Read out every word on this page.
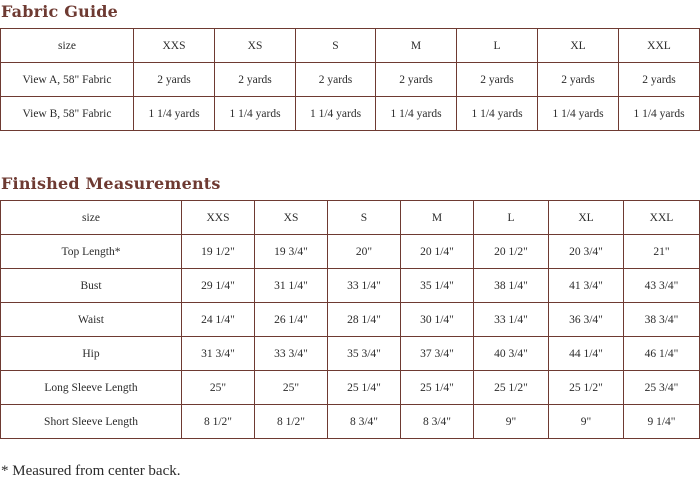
Fabric Guide
size	XXS	XS	S	M	L	XL	XXL
View A, 58" Fabric	2 yards	2 yards	2 yards	2 yards	2 yards	2 yards	2 yards
View B, 58" Fabric	1 1/4 yards	1 1/4 yards	1 1/4 yards	1 1/4 yards	1 1/4 yards	1 1/4 yards	1 1/4 yards
Finished Measurements
size	XXS	XS	S	M	L	XL	XXL
Top Length*	19 1/2"	19 3/4"	20"	20 1/4"	20 1/2"	20 3/4"	21"
Bust	29 1/4"	31 1/4"	33 1/4"	35 1/4"	38 1/4"	41 3/4"	43 3/4"
Waist	24 1/4"	26 1/4"	28 1/4"	30 1/4"	33 1/4"	36 3/4"	38 3/4"
Hip	31 3/4"	33 3/4"	35 3/4"	37 3/4"	40 3/4"	44 1/4"	46 1/4"
Long Sleeve Length	25"	25"	25 1/4"	25 1/4"	25 1/2"	25 1/2"	25 3/4"
Short Sleeve Length	8 1/2"	8 1/2"	8 3/4"	8 3/4"	9"	9"	9 1/4"

* Measured from center back.
